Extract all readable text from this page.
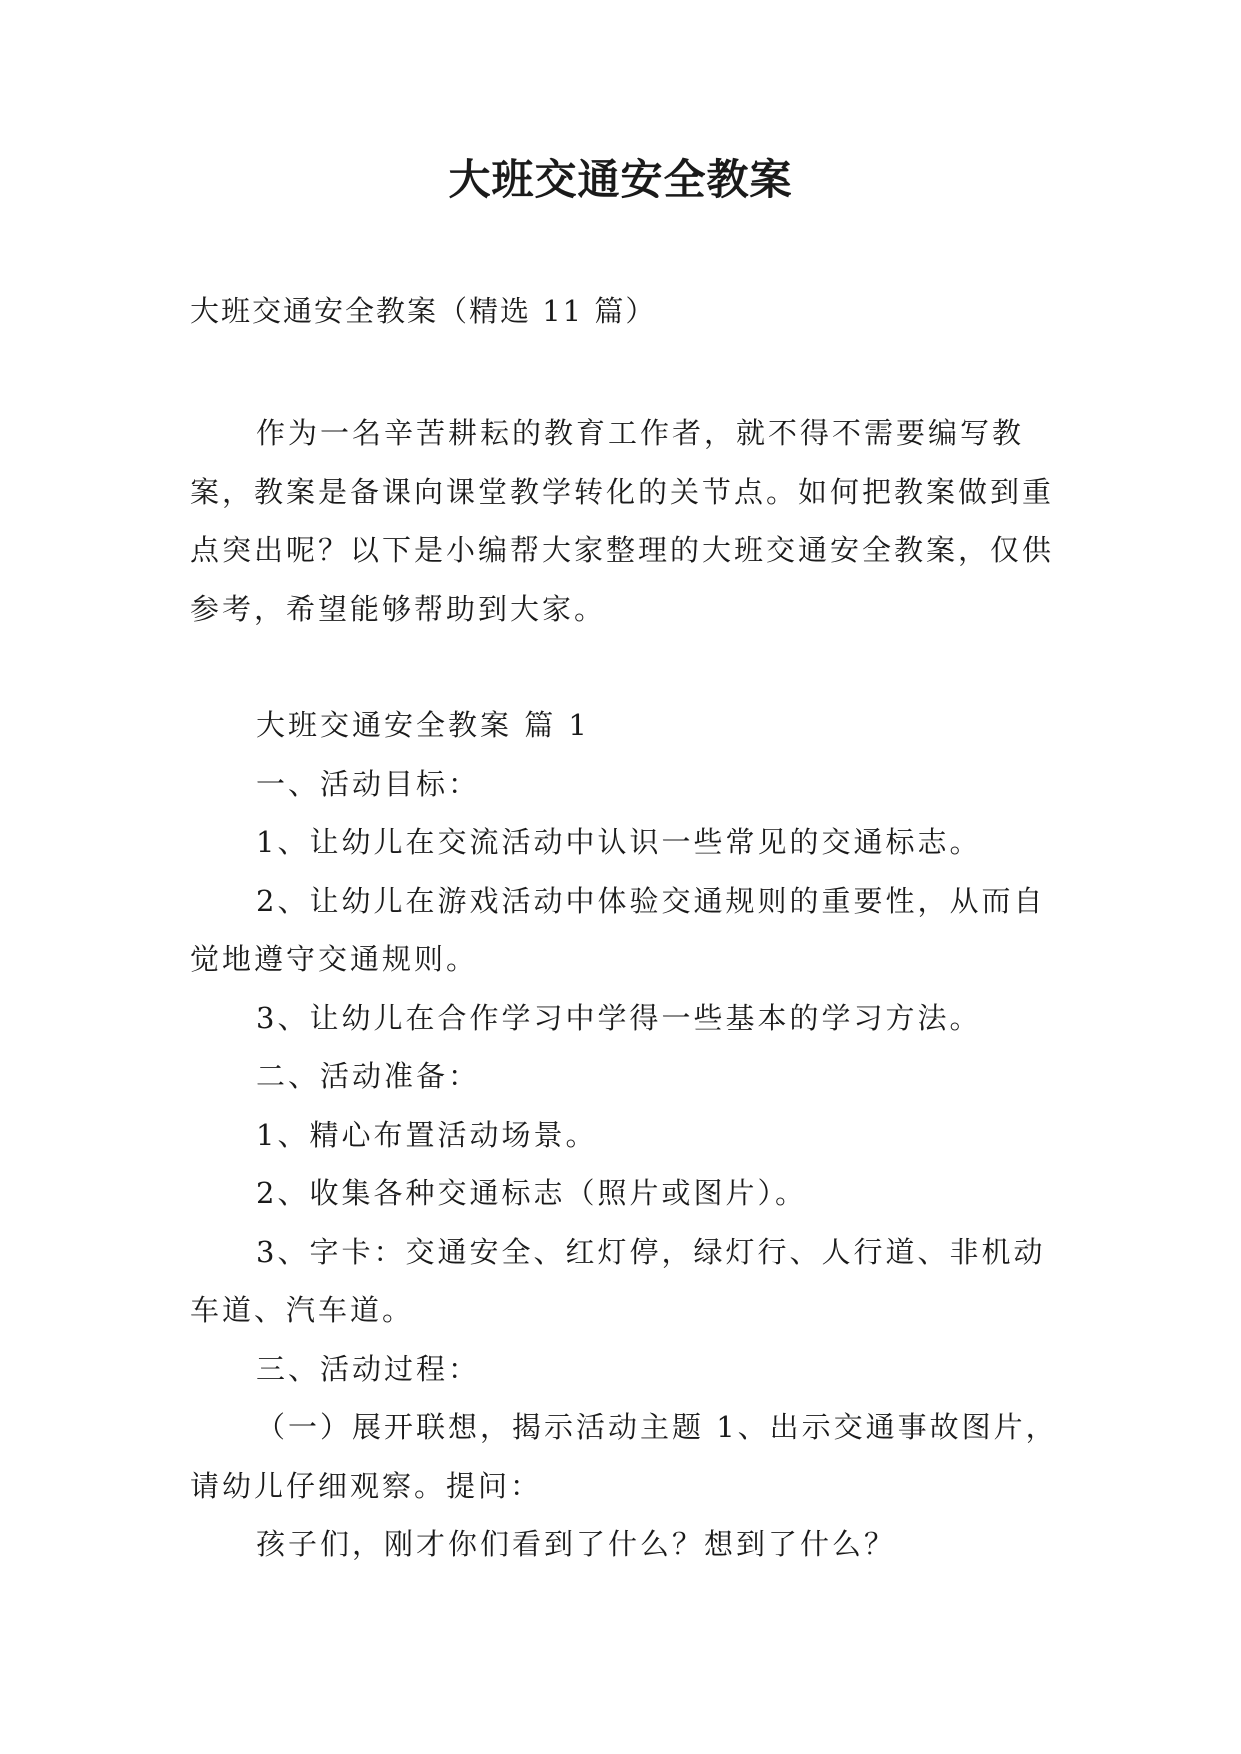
大班交通安全教案

大班交通安全教案（精选 11 篇）

作为一名辛苦耕耘的教育工作者，就不得不需要编写教案，教案是备课向课堂教学转化的关节点。如何把教案做到重点突出呢？以下是小编帮大家整理的大班交通安全教案，仅供参考，希望能够帮助到大家。

大班交通安全教案 篇 1

一、活动目标：

1、让幼儿在交流活动中认识一些常见的交通标志。

2、让幼儿在游戏活动中体验交通规则的重要性，从而自觉地遵守交通规则。

3、让幼儿在合作学习中学得一些基本的学习方法。

二、活动准备：

1、精心布置活动场景。

2、收集各种交通标志（照片或图片）。

3、字卡：交通安全、红灯停，绿灯行、人行道、非机动车道、汽车道。

三、活动过程：

（一）展开联想，揭示活动主题 1、出示交通事故图片，请幼儿仔细观察。提问：

孩子们，刚才你们看到了什么？想到了什么？
